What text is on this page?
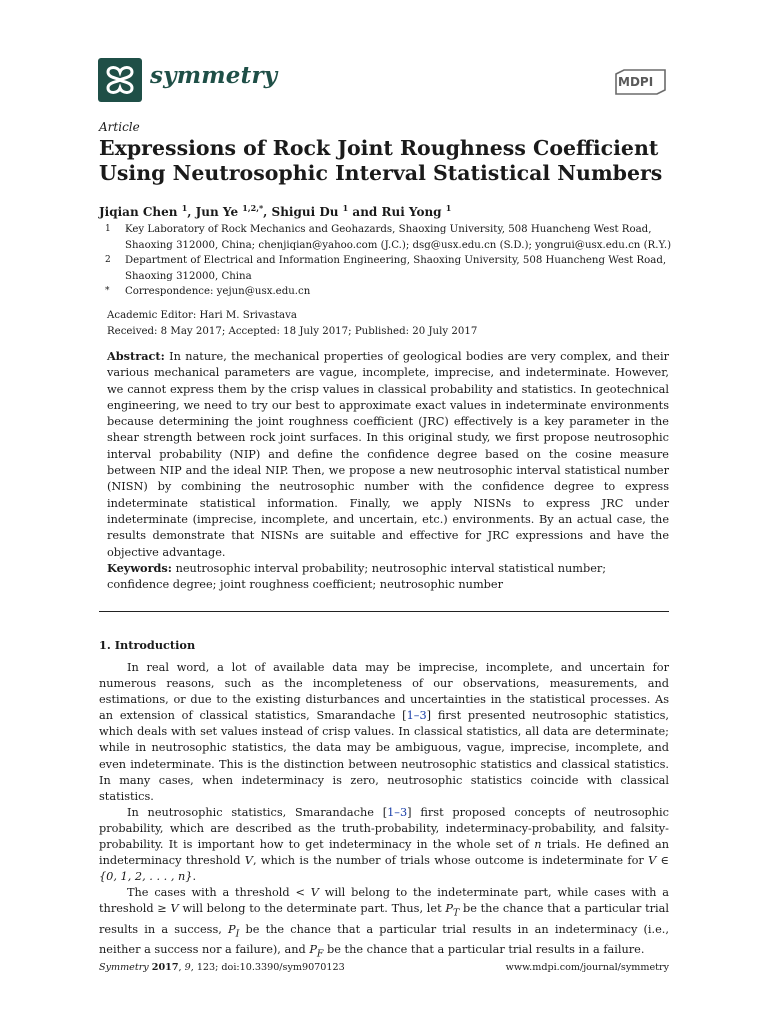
symmetry	MDPI
Article
Expressions of Rock Joint Roughness Coefficient
Using Neutrosophic Interval Statistical Numbers
Jiqian Chen $^1$, Jun Ye $^{1,2,*}$, Shigui Du $^1$ and Rui Yong $^1$
1 Key Laboratory of Rock Mechanics and Geohazards, Shaoxing University, 508 Huancheng West Road,
Shaoxing 312000, China; chenjiqian@yahoo.com (J.C.); dsg@usx.edu.cn (S.D.); yongrui@usx.edu.cn (R.Y.)
2 Department of Electrical and Information Engineering, Shaoxing University, 508 Huancheng West Road,
Shaoxing 312000, China
* Correspondence: yejun@usx.edu.cn
Academic Editor: Hari M. Srivastava
Received: 8 May 2017; Accepted: 18 July 2017; Published: 20 July 2017
Abstract: In nature, the mechanical properties of geological bodies are very complex, and their various mechanical parameters are vague, incomplete, imprecise, and indeterminate. However, we cannot express them by the crisp values in classical probability and statistics. In geotechnical engineering, we need to try our best to approximate exact values in indeterminate environments because determining the joint roughness coefficient (JRC) effectively is a key parameter in the shear strength between rock joint surfaces. In this original study, we first propose neutrosophic interval probability (NIP) and define the confidence degree based on the cosine measure between NIP and the ideal NIP. Then, we propose a new neutrosophic interval statistical number (NISN) by combining the neutrosophic number with the confidence degree to express indeterminate statistical information. Finally, we apply NISNs to express JRC under indeterminate (imprecise, incomplete, and uncertain, etc.) environments. By an actual case, the results demonstrate that NISNs are suitable and effective for JRC expressions and have the objective advantage.
Keywords: neutrosophic interval probability; neutrosophic interval statistical number; confidence degree; joint roughness coefficient; neutrosophic number
1. Introduction

In real word, a lot of available data may be imprecise, incomplete, and uncertain for numerous reasons, such as the incompleteness of our observations, measurements, and estimations, or due to the existing disturbances and uncertainties in the statistical processes. As an extension of classical statistics, Smarandache [1–3] first presented neutrosophic statistics, which deals with set values instead of crisp values. In classical statistics, all data are determinate; while in neutrosophic statistics, the data may be ambiguous, vague, imprecise, incomplete, and even indeterminate. This is the distinction between neutrosophic statistics and classical statistics. In many cases, when indeterminacy is zero, neutrosophic statistics coincide with classical statistics.

In neutrosophic statistics, Smarandache [1–3] first proposed concepts of neutrosophic probability, which are described as the truth-probability, indeterminacy-probability, and falsity-probability. It is important how to get indeterminacy in the whole set of n trials. He defined an indeterminacy threshold V, which is the number of trials whose outcome is indeterminate for V ∈ {0, 1, 2, . . . , n}.

The cases with a threshold < V will belong to the indeterminate part, while cases with a threshold ≥ V will belong to the determinate part. Thus, let $P_T$ be the chance that a particular trial results in a success, $P_I$ be the chance that a particular trial results in an indeterminacy (i.e., neither a success nor a failure), and $P_F$ be the chance that a particular trial results in a failure.

Symmetry 2017, 9, 123; doi:10.3390/sym9070123	www.mdpi.com/journal/symmetry
